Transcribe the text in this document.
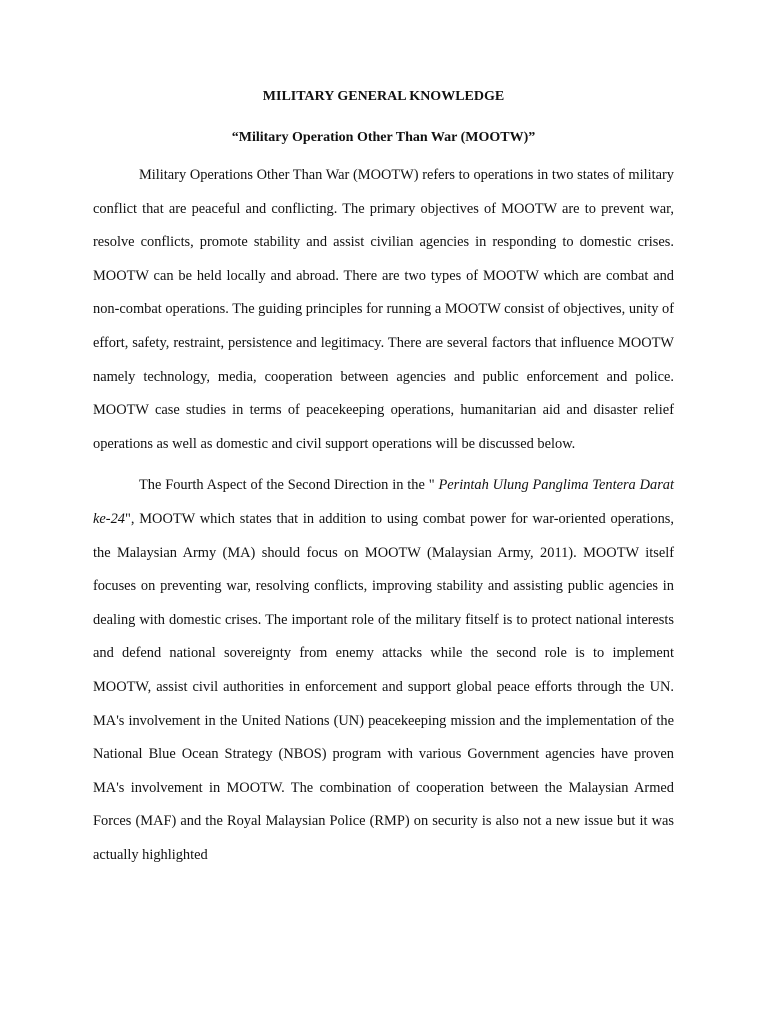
MILITARY GENERAL KNOWLEDGE

“Military Operation Other Than War (MOOTW)”

Military Operations Other Than War (MOOTW) refers to operations in two states of military conflict that are peaceful and conflicting. The primary objectives of MOOTW are to prevent war, resolve conflicts, promote stability and assist civilian agencies in responding to domestic crises. MOOTW can be held locally and abroad. There are two types of MOOTW which are combat and non-combat operations. The guiding principles for running a MOOTW consist of objectives, unity of effort, safety, restraint, persistence and legitimacy. There are several factors that influence MOOTW namely technology, media, cooperation between agencies and public enforcement and police. MOOTW case studies in terms of peacekeeping operations, humanitarian aid and disaster relief operations as well as domestic and civil support operations will be discussed below.

The Fourth Aspect of the Second Direction in the " Perintah Ulung Panglima Tentera Darat ke-24", MOOTW which states that in addition to using combat power for war-oriented operations, the Malaysian Army (MA) should focus on MOOTW (Malaysian Army, 2011). MOOTW itself focuses on preventing war, resolving conflicts, improving stability and assisting public agencies in dealing with domestic crises. The important role of the military fitself is to protect national interests and defend national sovereignty from enemy attacks while the second role is to implement MOOTW, assist civil authorities in enforcement and support global peace efforts through the UN. MA's involvement in the United Nations (UN) peacekeeping mission and the implementation of the National Blue Ocean Strategy (NBOS) program with various Government agencies have proven MA's involvement in MOOTW. The combination of cooperation between the Malaysian Armed Forces (MAF) and the Royal Malaysian Police (RMP) on security is also not a new issue but it was actually highlighted
